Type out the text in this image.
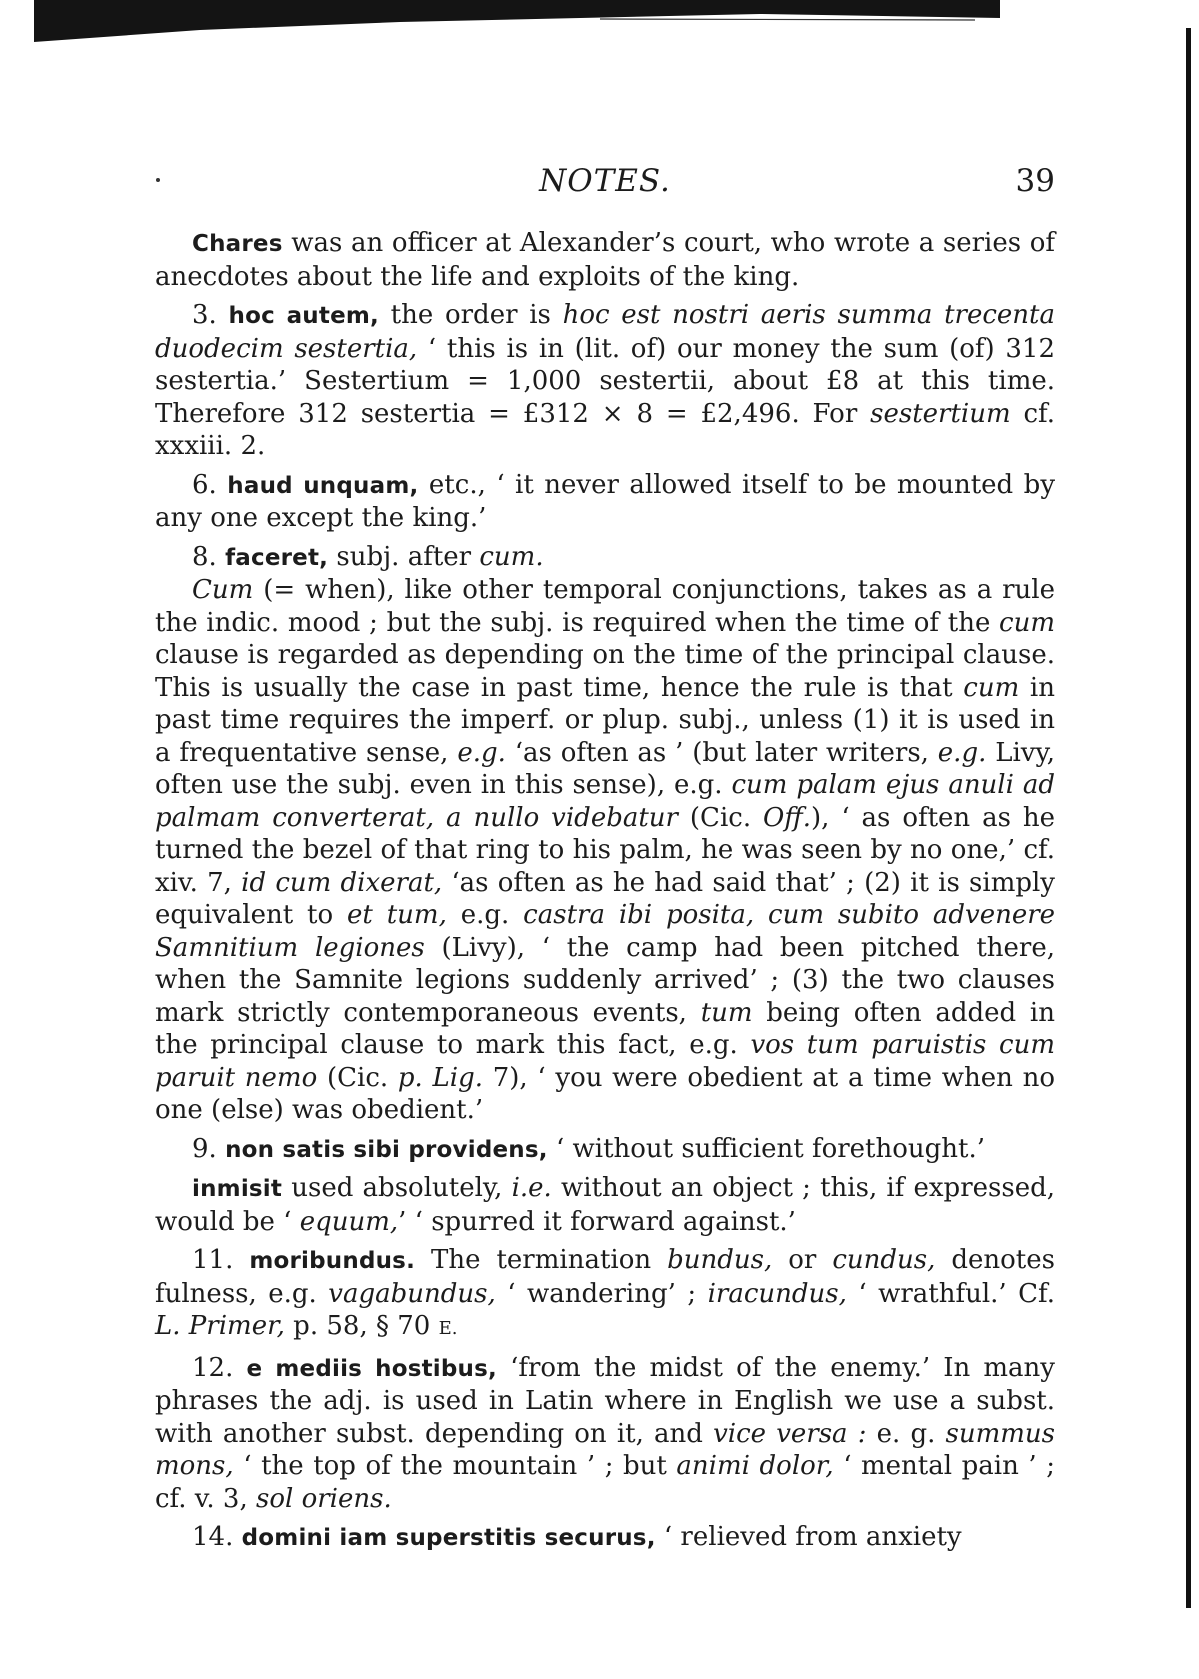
NOTES.	39

Chares was an officer at Alexander’s court, who wrote a series of anecdotes about the life and exploits of the king.

3. hoc autem, the order is hoc est nostri aeris summa trecenta duodecim sestertia, ‘ this is in (lit. of) our money the sum (of) 312 sestertia.’ Sestertium = 1,000 sestertii, about £8 at this time. Therefore 312 sestertia = £312 × 8 = £2,496. For sestertium cf. xxxiii. 2.

6. haud unquam, etc., ‘ it never allowed itself to be mounted by any one except the king.’

8. faceret, subj. after cum.

Cum (= when), like other temporal conjunctions, takes as a rule the indic. mood ; but the subj. is required when the time of the cum clause is regarded as depending on the time of the principal clause. This is usually the case in past time, hence the rule is that cum in past time requires the imperf. or plup. subj., unless (1) it is used in a frequentative sense, e.g. ‘as often as ’ (but later writers, e.g. Livy, often use the subj. even in this sense), e.g. cum palam ejus anuli ad palmam converterat, a nullo videbatur (Cic. Off.), ‘ as often as he turned the bezel of that ring to his palm, he was seen by no one,’ cf. xiv. 7, id cum dixerat, ‘as often as he had said that’ ; (2) it is simply equivalent to et tum, e.g. castra ibi posita, cum subito advenere Samnitium legiones (Livy), ‘ the camp had been pitched there, when the Samnite legions suddenly arrived’ ; (3) the two clauses mark strictly contemporaneous events, tum being often added in the principal clause to mark this fact, e.g. vos tum paruistis cum paruit nemo (Cic. p. Lig. 7), ‘ you were obedient at a time when no one (else) was obedient.’

9. non satis sibi providens, ‘ without sufficient forethought.’

inmisit used absolutely, i.e. without an object ; this, if expressed, would be ‘ equum,’ ‘ spurred it forward against.’

11. moribundus. The termination bundus, or cundus, denotes fulness, e.g. vagabundus, ‘ wandering’ ; iracundus, ‘ wrathful.’ Cf. L. Primer, p. 58, § 70 E.

12. e mediis hostibus, ‘from the midst of the enemy.’ In many phrases the adj. is used in Latin where in English we use a subst. with another subst. depending on it, and vice versa : e. g. summus mons, ‘ the top of the mountain ’ ; but animi dolor, ‘ mental pain ’ ; cf. v. 3, sol oriens.

14. domini iam superstitis securus, ‘ relieved from anxiety
